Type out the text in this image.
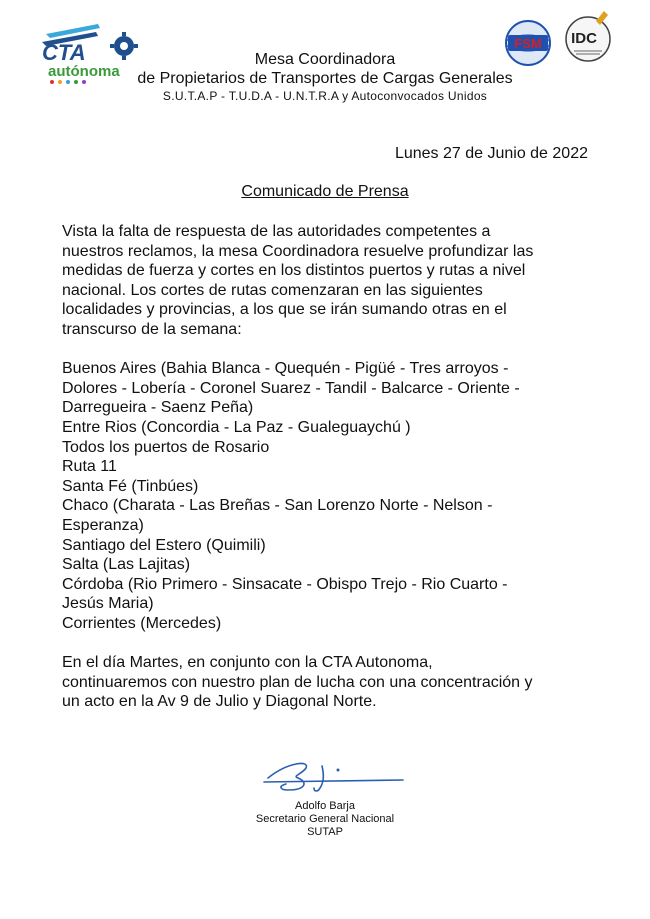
CTA
autónoma
FSM IDC

Mesa Coordinadora

de Propietarios de Transportes de Cargas Generales

S.U.T.A.P - T.U.D.A - U.N.T.R.A y Autoconvocados Unidos

Lunes 27 de Junio de 2022
Comunicado de Prensa

Vista la falta de respuesta de las autoridades competentes a

nuestros reclamos, la mesa Coordinadora resuelve profundizar las

medidas de fuerza y cortes en los distintos puertos y rutas a nivel

nacional. Los cortes de rutas comenzaran en las siguientes

localidades y provincias, a los que se irán sumando otras en el

transcurso de la semana:

Buenos Aires (Bahia Blanca - Quequén - Pigüé - Tres arroyos -
Dolores - Lobería - Coronel Suarez - Tandil - Balcarce - Oriente -
Darregueira - Saenz Peña)
Entre Rios (Concordia - La Paz - Gualeguaychú )
Todos los puertos de Rosario
Ruta 11
Santa Fé (Tinbúes)
Chaco (Charata - Las Breñas - San Lorenzo Norte - Nelson -
Esperanza)
Santiago del Estero (Quimili)
Salta (Las Lajitas)
Córdoba (Rio Primero - Sinsacate - Obispo Trejo - Rio Cuarto -
Jesús Maria)
Corrientes (Mercedes)

En el día Martes, en conjunto con la CTA Autonoma,

continuaremos con nuestro plan de lucha con una concentración y

un acto en la Av 9 de Julio y Diagonal Norte.

Adolfo Barja
Secretario General Nacional
SUTAP
